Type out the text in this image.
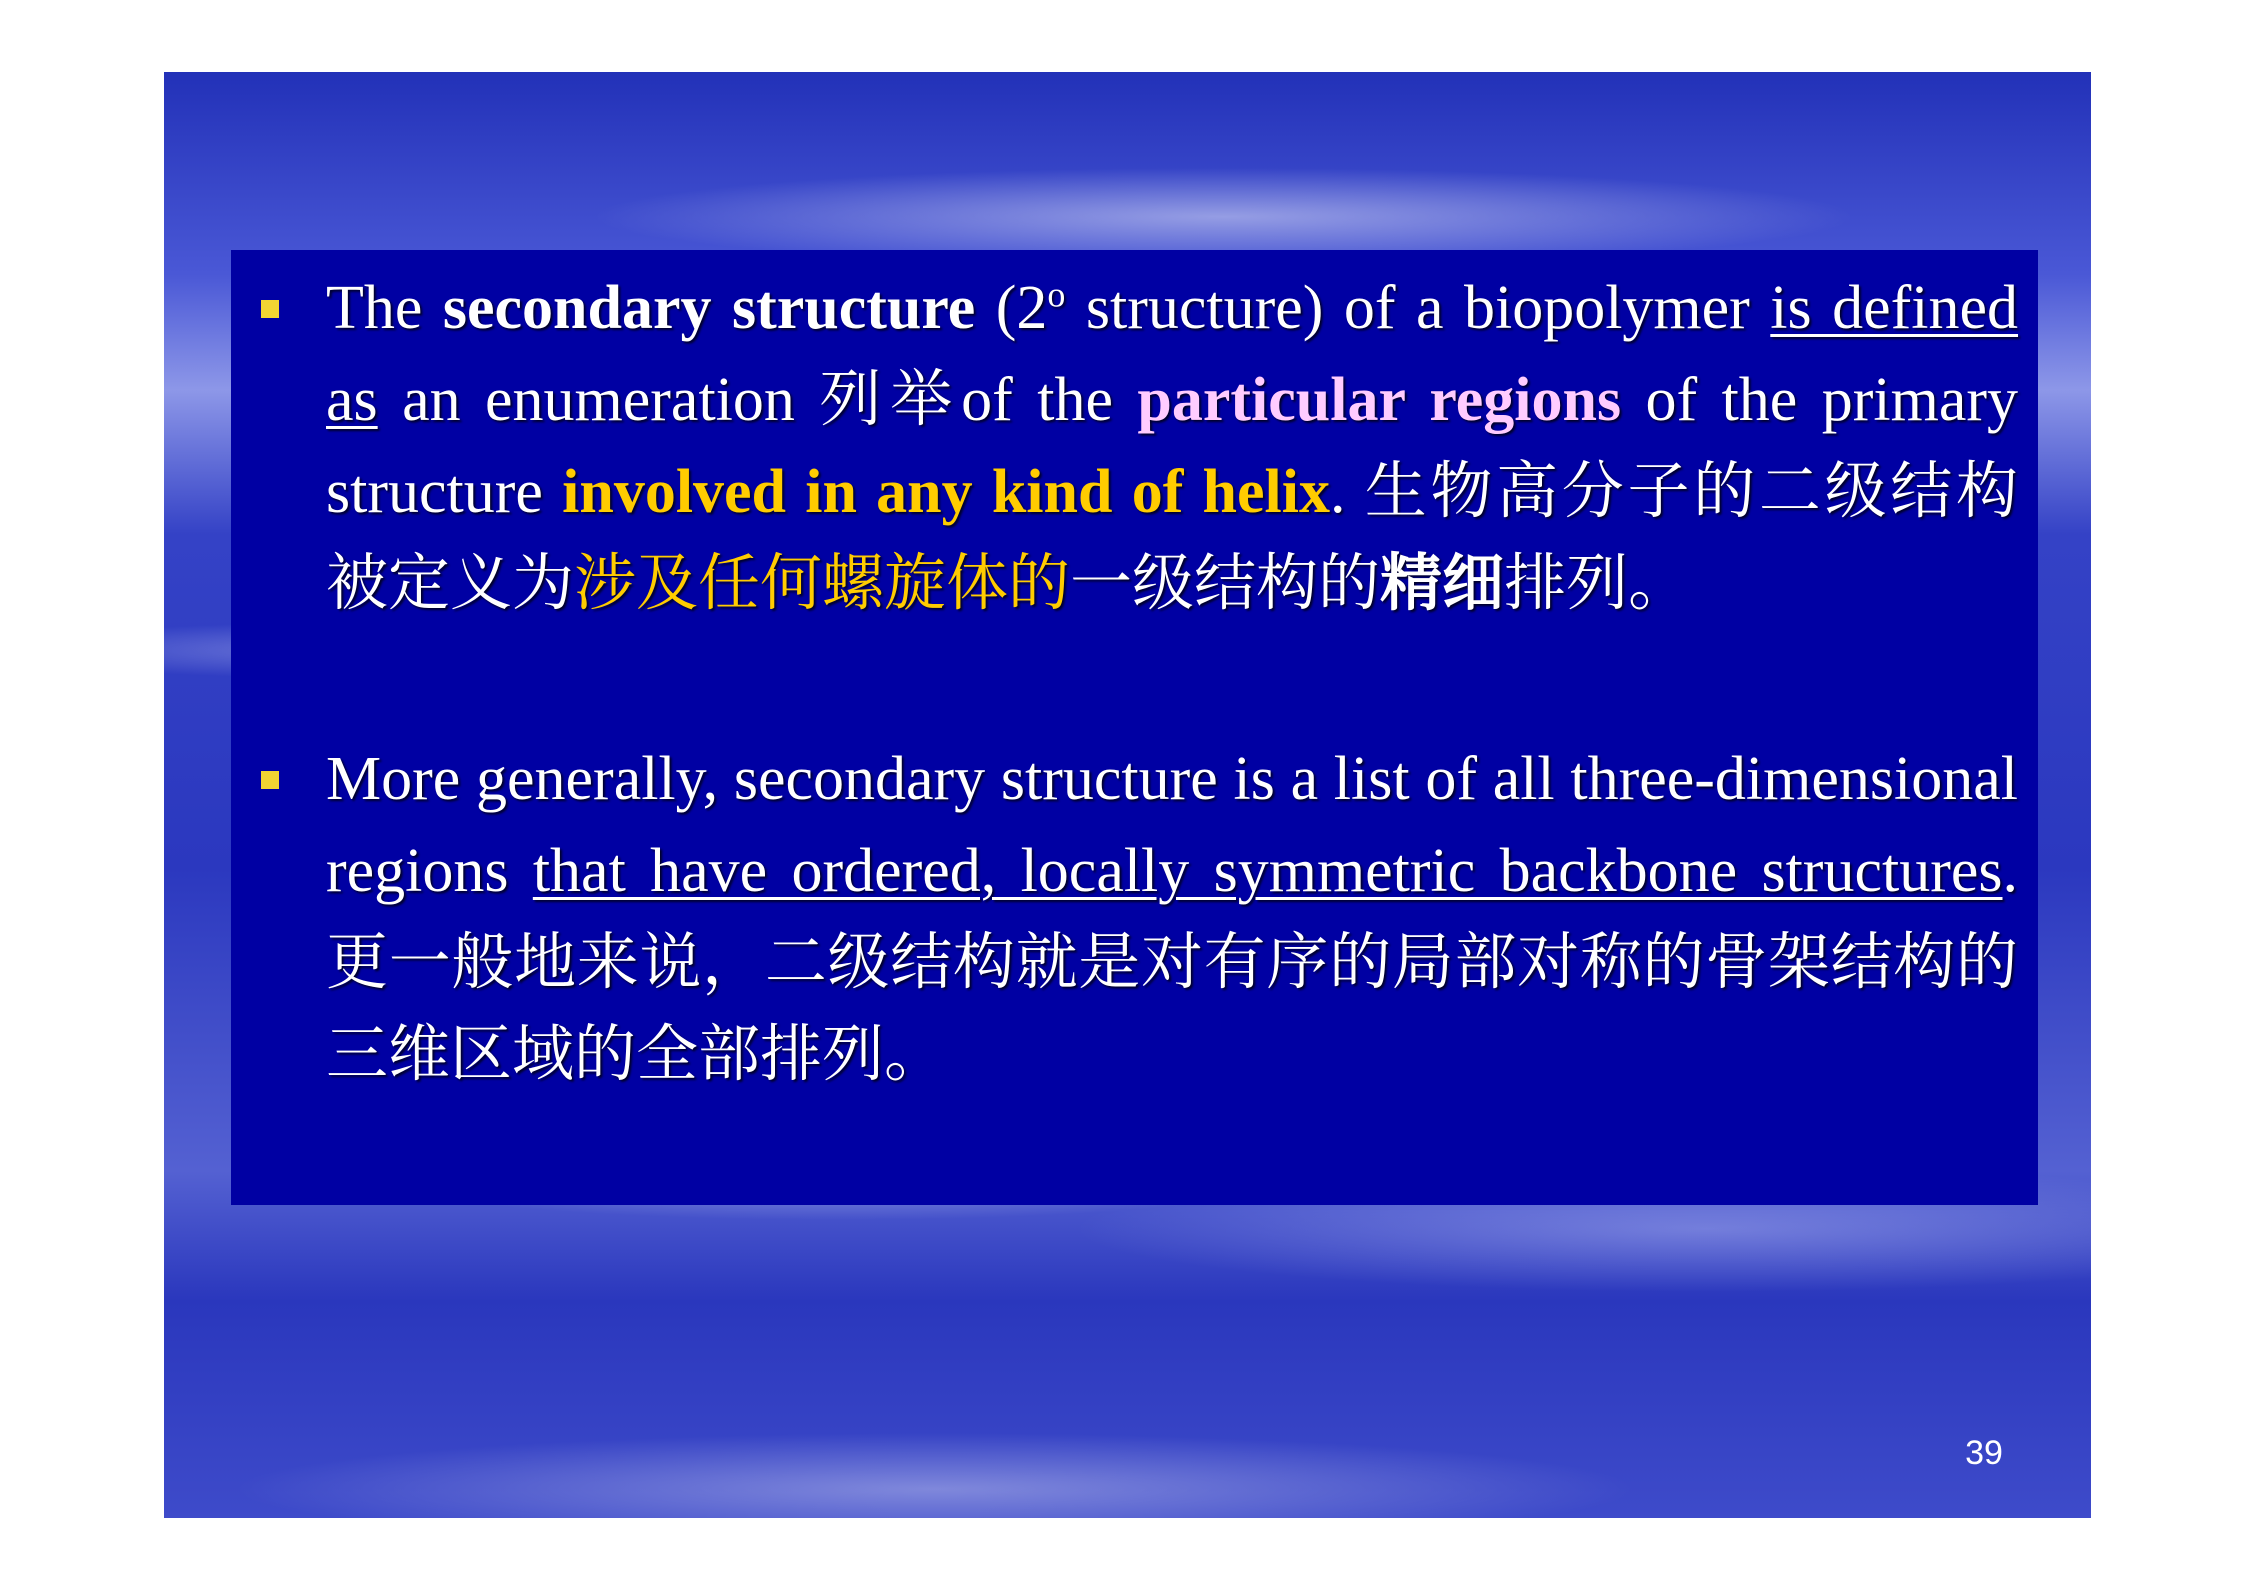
The secondary structure (2$^o$ structure) of a biopolymer is defined as an enumeration 列举of the particular regions of the primary structure involved in any kind of helix. 生物高分子的二级结构被定义为涉及任何螺旋体的一级结构的精细排列。

More generally, secondary structure is a list of all three-dimensional regions that have ordered, locally symmetric backbone structures.更一般地来说，二级结构就是对有序的局部对称的骨架结构的三维区域的全部排列。

39
